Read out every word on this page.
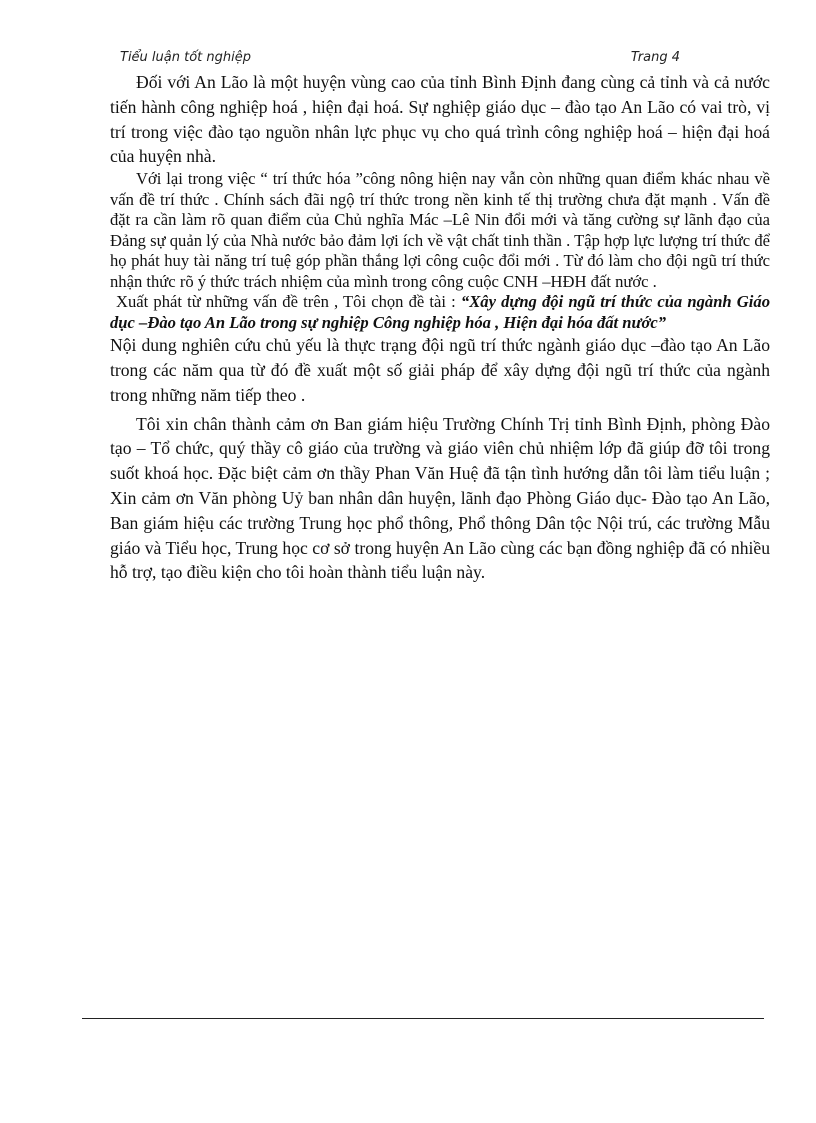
Tiểu luận tốt nghiệp	Trang 4

Đối với An Lão là một huyện vùng cao của tỉnh Bình Định đang cùng cả tỉnh và cả nước tiến hành công nghiệp hoá , hiện đại hoá. Sự nghiệp giáo dục – đào tạo An Lão có vai trò, vị trí trong việc đào tạo nguồn nhân lực phục vụ cho quá trình công nghiệp hoá – hiện đại hoá của huyện nhà.

Với lại trong việc “ trí thức hóa ”công nông hiện nay vẫn còn những quan điểm khác nhau về vấn đề trí thức . Chính sách đãi ngộ trí thức trong nền kinh tế thị trường chưa đặt mạnh . Vấn đề đặt ra cần làm rõ quan điểm của Chủ nghĩa Mác –Lê Nin đổi mới và tăng cường sự lãnh đạo của Đảng sự quản lý của Nhà nước bảo đảm lợi ích về vật chất tinh thần . Tập hợp lực lượng trí thức để họ phát huy tài năng trí tuệ góp phần thắng lợi công cuộc đổi mới . Từ đó làm cho đội ngũ trí thức nhận thức rõ ý thức trách nhiệm của mình trong công cuộc CNH –HĐH đất nước .

Xuất phát từ những vấn đề trên , Tôi chọn đề tài : “Xây dựng đội ngũ trí thức của ngành Giáo dục –Đào tạo An Lão trong sự nghiệp Công nghiệp hóa , Hiện đại hóa đất nước”

Nội dung nghiên cứu chủ yếu là thực trạng đội ngũ trí thức ngành giáo dục –đào tạo An Lão trong các năm qua từ đó đề xuất một số giải pháp để xây dựng đội ngũ trí thức của ngành trong những năm tiếp theo .

Tôi xin chân thành cảm ơn Ban giám hiệu Trường Chính Trị tỉnh Bình Định, phòng Đào tạo – Tổ chức, quý thầy cô giáo của trường và giáo viên chủ nhiệm lớp đã giúp đỡ tôi trong suốt khoá học. Đặc biệt cảm ơn thầy Phan Văn Huệ đã tận tình hướng dẫn tôi làm tiểu luận ; Xin cảm ơn Văn phòng Uỷ ban nhân dân huyện, lãnh đạo Phòng Giáo dục- Đào tạo An Lão, Ban giám hiệu các trường Trung học phổ thông, Phổ thông Dân tộc Nội trú, các trường Mẫu giáo và Tiểu học, Trung học cơ sở trong huyện An Lão cùng các bạn đồng nghiệp đã có nhiều hỗ trợ, tạo điều kiện cho tôi hoàn thành tiểu luận này.
